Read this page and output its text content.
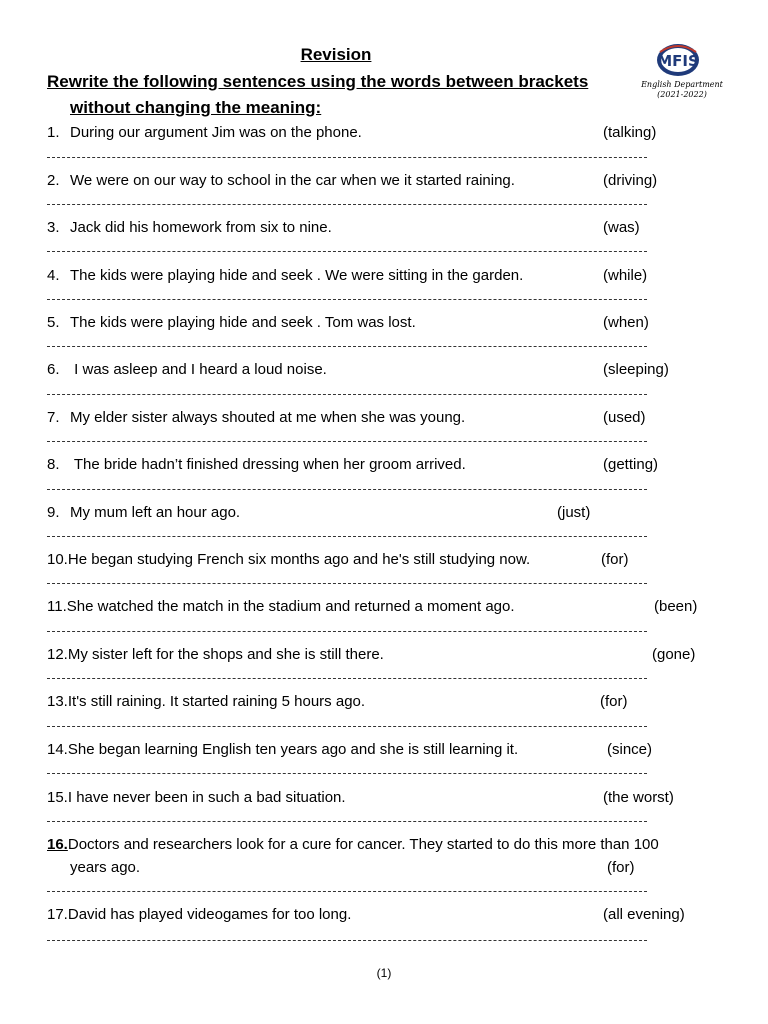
Revision
Rewrite the following sentences using the words between brackets
without changing the meaning:
MFIS
English Department
(2021-2022)
1. During our argument Jim was on the phone.	(talking)
2. We were on our way to school in the car when we it started raining.	(driving)
3. Jack did his homework from six to nine.	(was)
4. The kids were playing hide and seek . We were sitting in the garden.	(while)
5. The kids were playing hide and seek . Tom was lost.	(when)
6. I was asleep and I heard a loud noise.	(sleeping)
7. My elder sister always shouted at me when she was young.	(used)
8. The bride hadn’t finished dressing when her groom arrived.	(getting)
9. My mum left an hour ago.	(just)
10.He began studying French six months ago and he's still studying now.	(for)
11.She watched the match in the stadium and returned a moment ago.	(been)
12.My sister left for the shops and she is still there.	(gone)
13.It's still raining. It started raining 5 hours ago.	(for)
14.She began learning English ten years ago and she is still learning it.	(since)
15.I have never been in such a bad situation.	(the worst)
16.Doctors and researchers look for a cure for cancer. They started to do this more than 100
years ago.	(for)
17.David has played videogames for too long.	(all evening)
(1)
